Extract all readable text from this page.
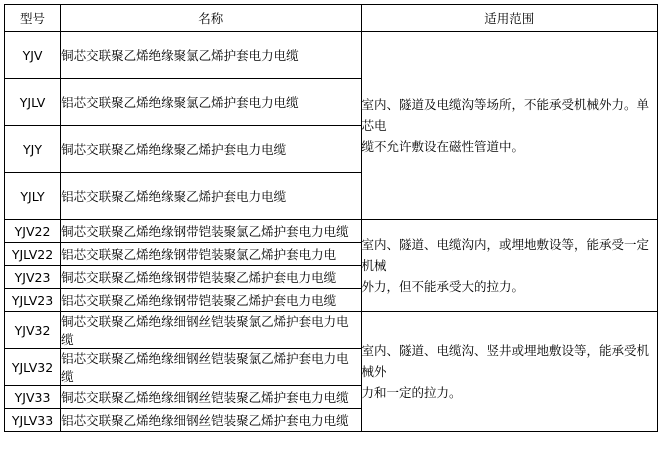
型号	名称	适用范围
YJV	铜芯交联聚乙烯绝缘聚氯乙烯护套电力电缆	室内、隧道及电缆沟等场所，不能承受机械外力。单芯电
缆不允许敷设在磁性管道中。

YJLV	铝芯交联聚乙烯绝缘聚氯乙烯护套电力电缆	
YJY	铜芯交联聚乙烯绝缘聚乙烯护套电力电缆	
YJLY	铝芯交联聚乙烯绝缘聚乙烯护套电力电缆	
YJV22	铜芯交联聚乙烯绝缘钢带铠装聚氯乙烯护套电力电缆	室内、隧道、电缆沟内，或埋地敷设等，能承受一定机械
外力，但不能承受大的拉力。

YJLV22	铝芯交联聚乙烯绝缘钢带铠装聚氯乙烯护套电力电	
YJV23	铜芯交联聚乙烯绝缘钢带铠装聚乙烯护套电力电缆	
YJLV23	铝芯交联聚乙烯绝缘钢带铠装聚乙烯护套电力电缆	
YJV32	铜芯交联聚乙烯绝缘细钢丝铠装聚氯乙烯护套电力电缆	室内、隧道、电缆沟、竖井或埋地敷设等，能承受机械外
力和一定的拉力。

YJLV32	铝芯交联聚乙烯绝缘细钢丝铠装聚氯乙烯护套电力电缆	
YJV33	铜芯交联聚乙烯绝缘细钢丝铠装聚乙烯护套电力电缆	
YJLV33	铝芯交联聚乙烯绝缘细钢丝铠装聚乙烯护套电力电缆	
